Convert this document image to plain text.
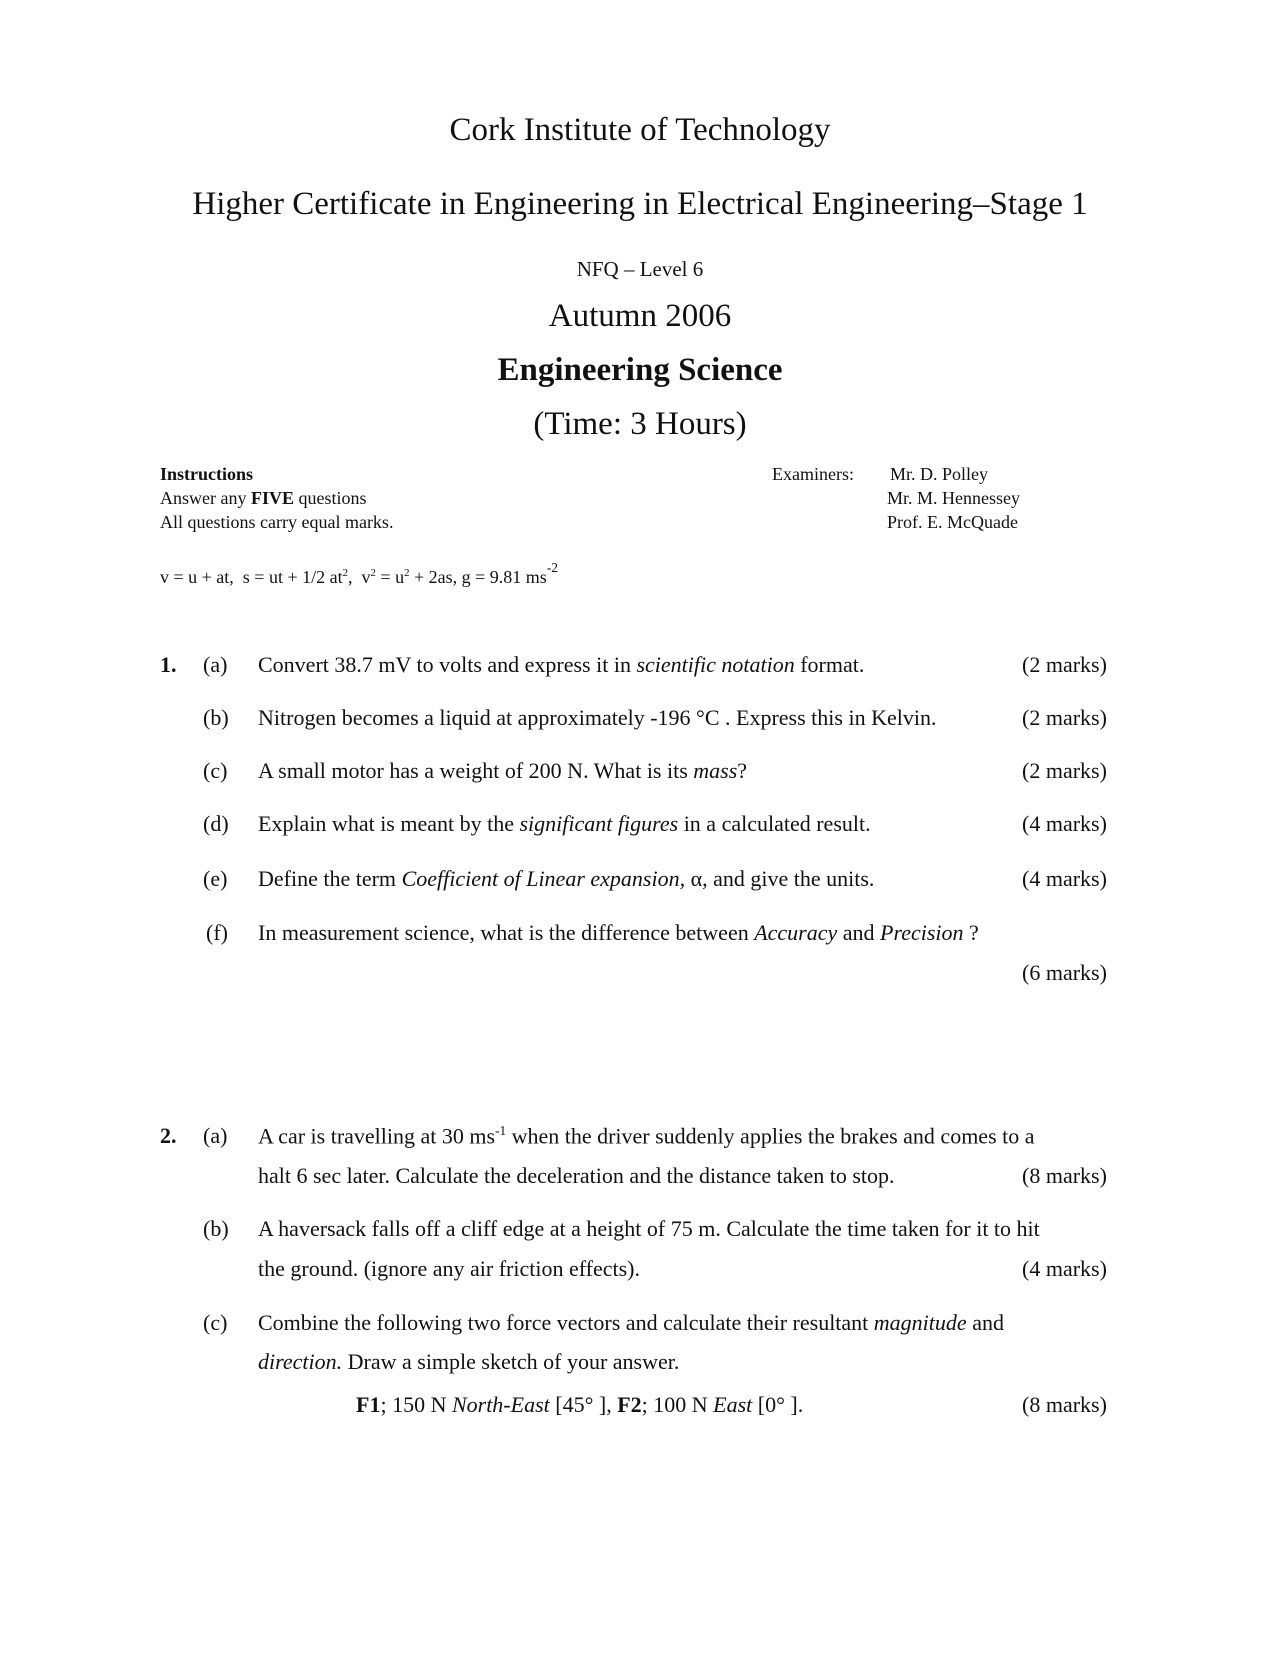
Cork Institute of Technology
Higher Certificate in Engineering in Electrical Engineering–Stage 1
NFQ – Level 6
Autumn 2006
Engineering Science
(Time: 3 Hours)
Instructions
Answer any FIVE questions
All questions carry equal marks.
Examiners: Mr. D. Polley
Mr. M. Hennessey
Prof. E. McQuade
v = u + at, s = ut + 1/2 $at^2$, $v^2 = u^2 + 2as$, g = 9.81 $ms^{-2}$
1. (a) Convert 38.7 mV to volts and express it in scientific notation format.	(2 marks)
(b) Nitrogen becomes a liquid at approximately -196 °C . Express this in Kelvin.	(2 marks)
(c) A small motor has a weight of 200 N. What is its mass?	(2 marks)
(d) Explain what is meant by the significant figures in a calculated result.	(4 marks)
(e) Define the term Coefficient of Linear expansion, α, and give the units.	(4 marks)
(f) In measurement science, what is the difference between Accuracy and Precision ?
(6 marks)
2. (a) A car is travelling at 30 $ms^{-1}$ when the driver suddenly applies the brakes and comes to a
halt 6 sec later. Calculate the deceleration and the distance taken to stop.	(8 marks)
(b) A haversack falls off a cliff edge at a height of 75 m. Calculate the time taken for it to hit
the ground. (ignore any air friction effects).	(4 marks)
(c) Combine the following two force vectors and calculate their resultant magnitude and
direction. Draw a simple sketch of your answer.
F1; 150 N North-East [45° ], F2; 100 N East [0° ].	(8 marks)
